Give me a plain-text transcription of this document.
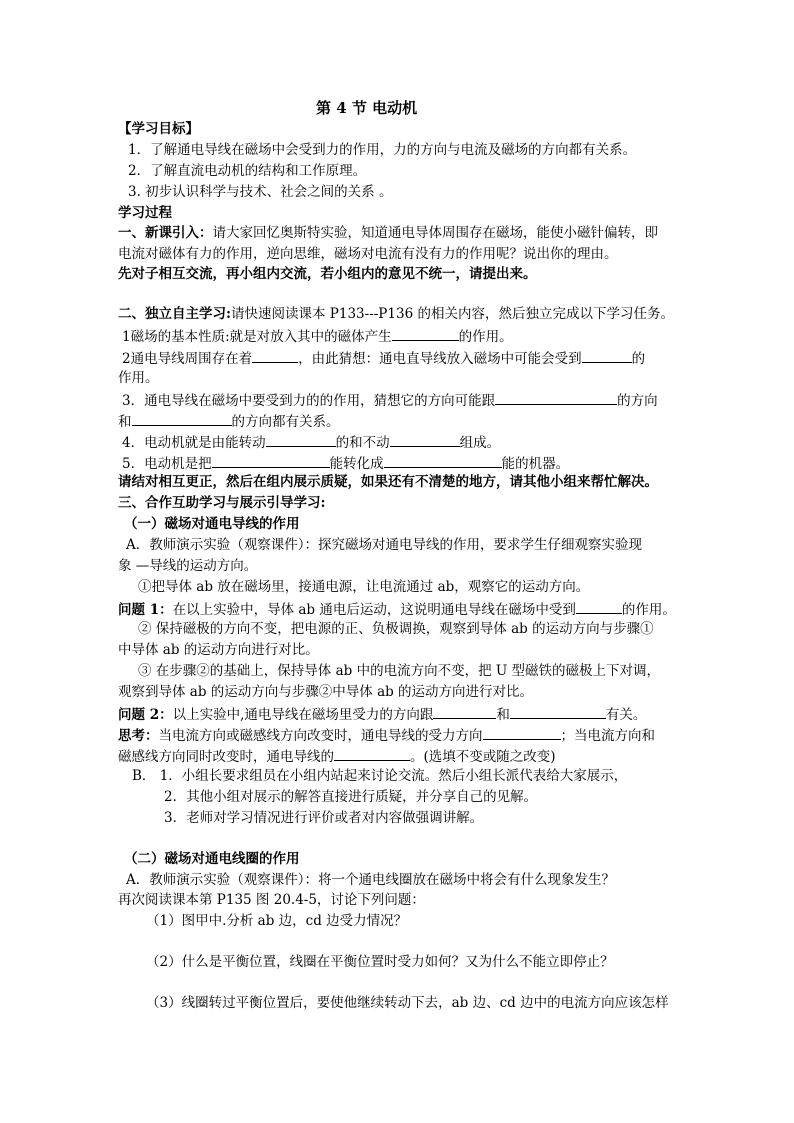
第 4 节 电动机
【学习目标】
1．了解通电导线在磁场中会受到力的作用，力的方向与电流及磁场的方向都有关系。
2．了解直流电动机的结构和工作原理。
3. 初步认识科学与技术、社会之间的关系 。
学习过程
一、新课引入：请大家回忆奥斯特实验，知道通电导体周围存在磁场，能使小磁针偏转，即
电流对磁体有力的作用，逆向思维，磁场对电流有没有力的作用呢？说出你的理由。
先对子相互交流，再小组内交流，若小组内的意见不统一，请提出来。
二、独立自主学习:请快速阅读课本 P133---P136 的相关内容，然后独立完成以下学习任务。
1磁场的基本性质:就是对放入其中的磁体产生	的作用。
2通电导线周围存在着	，由此猜想：通电直导线放入磁场中可能会受到	的
作用。
3．通电导线在磁场中要受到力的的作用，猜想它的方向可能跟	的方向
和	的方向都有关系。
4．电动机就是由能转动	的和不动	组成。
5．电动机是把	能转化成	能的机器。
请结对相互更正，然后在组内展示质疑，如果还有不清楚的地方，请其他小组来帮忙解决。
三、合作互助学习与展示引导学习:
（一）磁场对通电导线的作用
A．教师演示实验（观察课件）：探究磁场对通电导线的作用，要求学生仔细观察实验现
象 —导线的运动方向。
①把导体 ab 放在磁场里，接通电源，让电流通过 ab，观察它的运动方向。
问题 1：在以上实验中，导体 ab 通电后运动，这说明通电导线在磁场中受到	的作用。
② 保持磁极的方向不变，把电源的正、负极调换，观察到导体 ab 的运动方向与步骤①
中导体 ab 的运动方向进行对比。
③ 在步骤②的基础上，保持导体 ab 中的电流方向不变，把 U 型磁铁的磁极上下对调，
观察到导体 ab 的运动方向与步骤②中导体 ab 的运动方向进行对比。
问题 2：以上实验中,通电导线在磁场里受力的方向跟	和	有关。
思考：当电流方向或磁感线方向改变时，通电导线的受力方向	；当电流方向和
磁感线方向同时改变时，通电导线的	。(选填不变或随之改变)
B． 1．小组长要求组员在小组内站起来讨论交流。然后小组长派代表给大家展示，
2．其他小组对展示的解答直接进行质疑，并分享自己的见解。
3．老师对学习情况进行评价或者对内容做强调讲解。
（二）磁场对通电线圈的作用
A．教师演示实验（观察课件）：将一个通电线圈放在磁场中将会有什么现象发生？
再次阅读课本第 P135 图 20.4-5，讨论下列问题：
（1）图甲中.分析 ab 边，cd 边受力情况？
（2）什么是平衡位置，线圈在平衡位置时受力如何？又为什么不能立即停止？
（3）线圈转过平衡位置后，要使他继续转动下去，ab 边、cd 边中的电流方向应该怎样
